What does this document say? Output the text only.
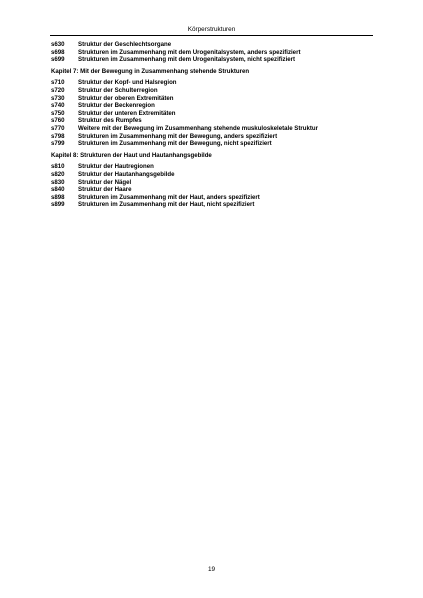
Körperstrukturen
s630	Struktur der Geschlechtsorgane
s698	Strukturen im Zusammenhang mit dem Urogenitalsystem, anders spezifiziert
s699	Strukturen im Zusammenhang mit dem Urogenitalsystem, nicht spezifiziert
Kapitel 7: Mit der Bewegung in Zusammenhang stehende Strukturen
s710	Struktur der Kopf- und Halsregion
s720	Struktur der Schulterregion
s730	Struktur der oberen Extremitäten
s740	Struktur der Beckenregion
s750	Struktur der unteren Extremitäten
s760	Struktur des Rumpfes
s770	Weitere mit der Bewegung im Zusammenhang stehende muskuloskeletale Struktur
s798	Strukturen im Zusammenhang mit der Bewegung, anders spezifiziert
s799	Strukturen im Zusammenhang mit der Bewegung, nicht spezifiziert
Kapitel 8: Strukturen der Haut und Hautanhangsgebilde
s810	Struktur der Hautregionen
s820	Struktur der Hautanhangsgebilde
s830	Struktur der Nägel
s840	Struktur der Haare
s898	Strukturen im Zusammenhang mit der Haut, anders spezifiziert
s899	Strukturen im Zusammenhang mit der Haut, nicht spezifiziert
19
